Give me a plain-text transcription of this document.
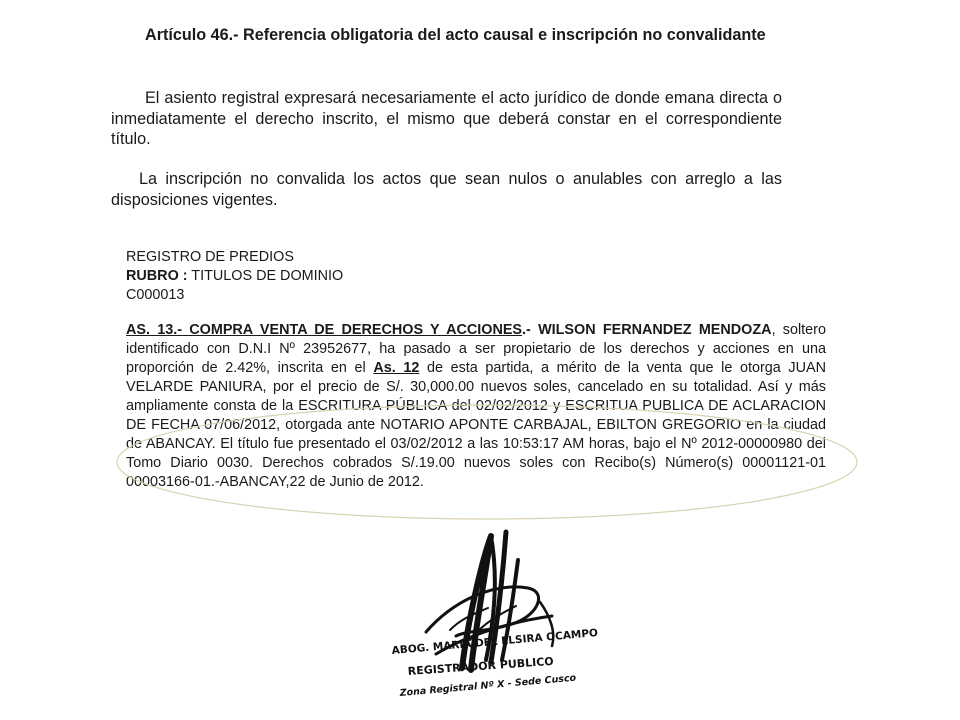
Artículo 46.- Referencia obligatoria del acto causal e inscripción no convalidante
El asiento registral expresará necesariamente el acto jurídico de donde emana directa o inmediatamente el derecho inscrito, el mismo que deberá constar en el correspondiente título.
La inscripción no convalida los actos que sean nulos o anulables con arreglo a las disposiciones vigentes.
REGISTRO DE PREDIOS
RUBRO : TITULOS DE DOMINIO
C000013
AS. 13.- COMPRA VENTA DE DERECHOS Y ACCIONES.- WILSON FERNANDEZ MENDOZA, soltero identificado con D.N.I Nº 23952677, ha pasado a ser propietario de los derechos y acciones en una proporción de 2.42%, inscrita en el As. 12 de esta partida, a mérito de la venta que le otorga JUAN VELARDE PANIURA, por el precio de S/. 30,000.00 nuevos soles, cancelado en su totalidad. Así y más ampliamente consta de la ESCRITURA PÚBLICA del 02/02/2012 y ESCRITUA PUBLICA DE ACLARACION DE FECHA 07/06/2012, otorgada ante NOTARIO APONTE CARBAJAL, EBILTON GREGORIO en la ciudad de ABANCAY. El título fue presentado el 03/02/2012 a las 10:53:17 AM horas, bajo el Nº 2012-00000980 del Tomo Diario 0030. Derechos cobrados S/.19.00 nuevos soles con Recibo(s) Número(s) 00001121-01 00003166-01.-ABANCAY,22 de Junio de 2012.
ABOG. MARIA DEL ELSIRA OCAMPO
REGISTRADOR PUBLICO
Zona Registral Nº X - Sede Cusco
